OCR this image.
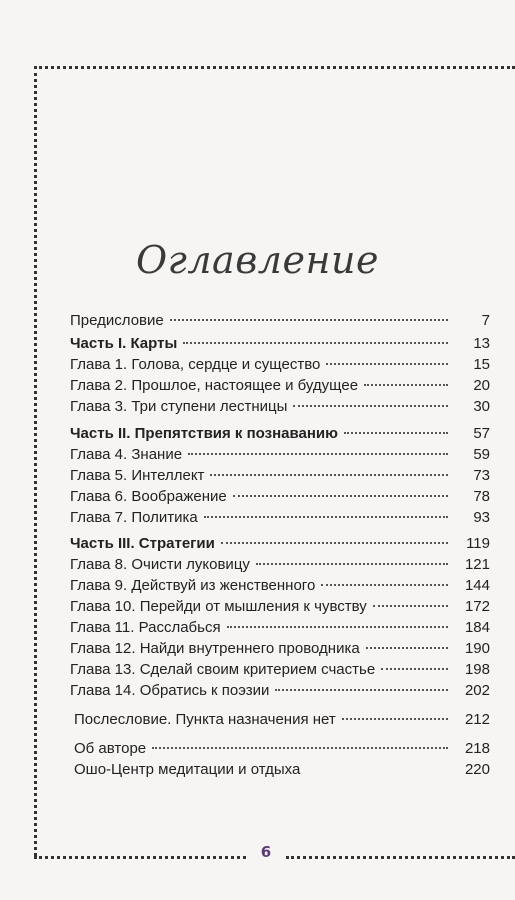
Оглавление
Предисловие	7
Часть I. Карты	13
Глава 1. Голова, сердце и существо	15
Глава 2. Прошлое, настоящее и будущее	20
Глава 3. Три ступени лестницы	30
Часть II. Препятствия к познаванию	57
Глава 4. Знание	59
Глава 5. Интеллект	73
Глава 6. Воображение	78
Глава 7. Политика	93
Часть III. Стратегии	119
Глава 8. Очисти луковицу	121
Глава 9. Действуй из женственного	144
Глава 10. Перейди от мышления к чувству	172
Глава 11. Расслабься	184
Глава 12. Найди внутреннего проводника	190
Глава 13. Сделай своим критерием счастье	198
Глава 14. Обратись к поэзии	202
Послесловие. Пункта назначения нет	212
Об авторе	218
Ошо-Центр медитации и отдыха	220
6
